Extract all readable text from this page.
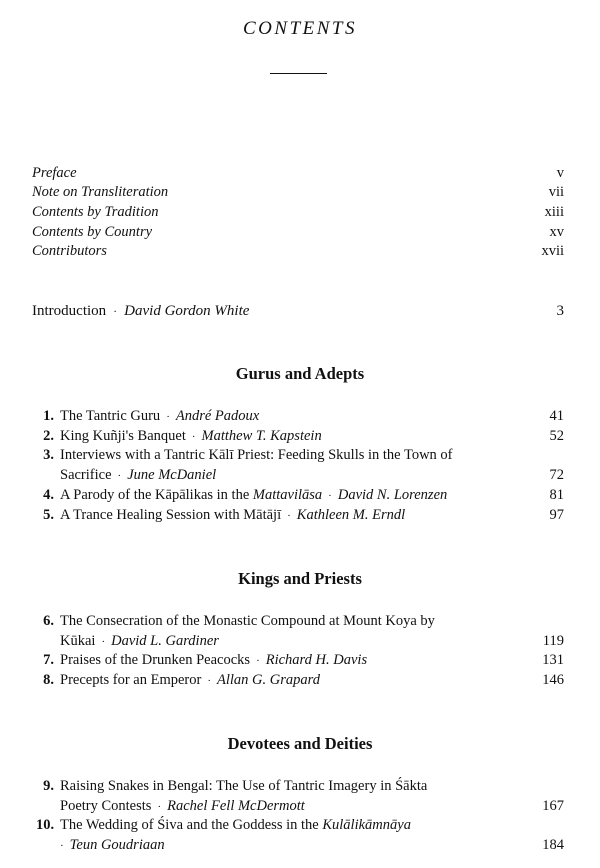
CONTENTS
Preface	v
Note on Transliteration	vii
Contents by Tradition	xiii
Contents by Country	xv
Contributors	xvii
Introduction · David Gordon White	3
Gurus and Adepts
1. The Tantric Guru · André Padoux	41
2. King Kuñji's Banquet · Matthew T. Kapstein	52
3. Interviews with a Tantric Kālī Priest: Feeding Skulls in the Town of
Sacrifice · June McDaniel	72
4. A Parody of the Kāpālikas in the Mattavilāsa · David N. Lorenzen	81
5. A Trance Healing Session with Mātājī · Kathleen M. Erndl	97
Kings and Priests
6. The Consecration of the Monastic Compound at Mount Koya by
Kūkai · David L. Gardiner	119
7. Praises of the Drunken Peacocks · Richard H. Davis	131
8. Precepts for an Emperor · Allan G. Grapard	146
Devotees and Deities
9. Raising Snakes in Bengal: The Use of Tantric Imagery in Śākta
Poetry Contests · Rachel Fell McDermott	167
10. The Wedding of Śiva and the Goddess in the Kulālikāmnāya
· Teun Goudriaan	184
